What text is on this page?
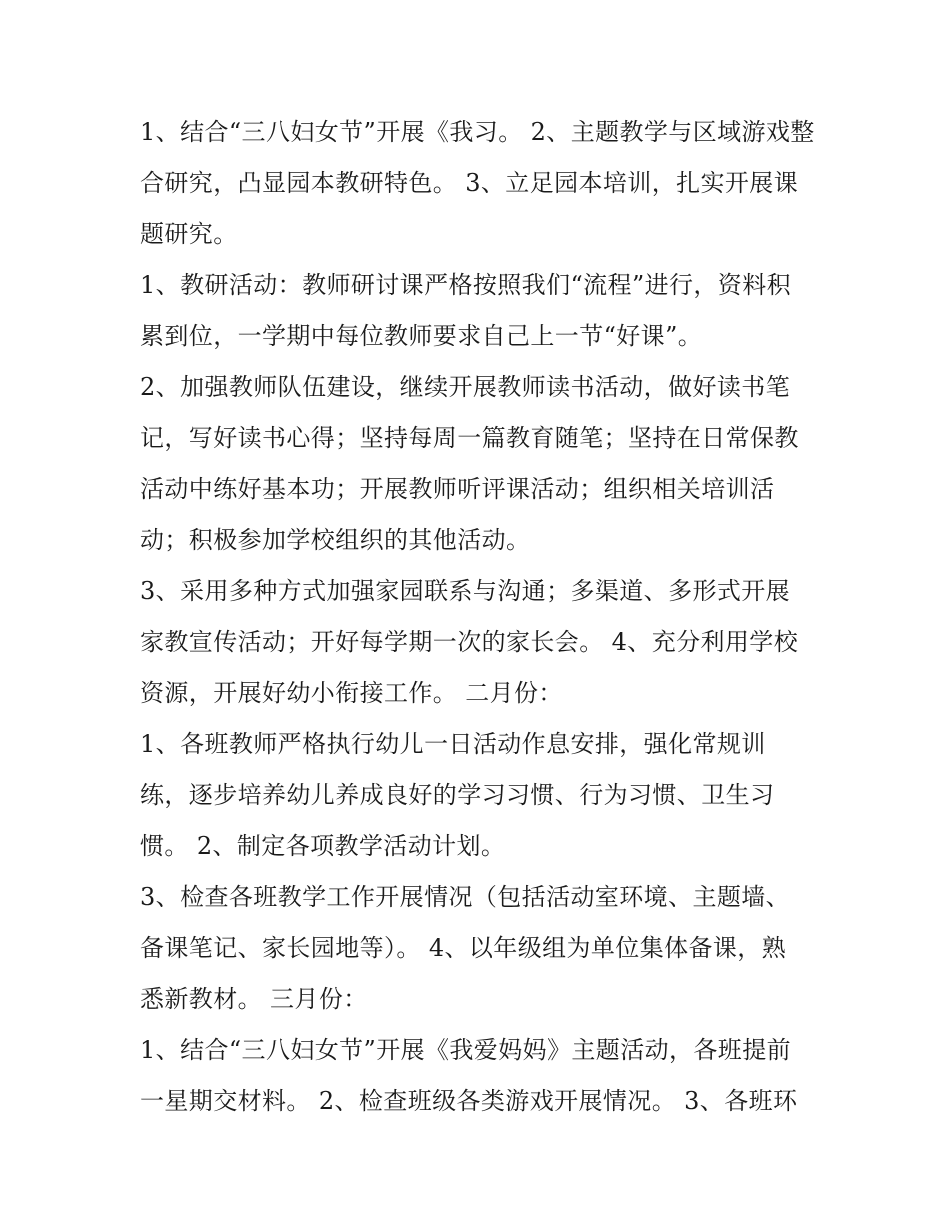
1、结合“三八妇女节”开展《我习。 2、主题教学与区域游戏整
合研究，凸显园本教研特色。 3、立足园本培训，扎实开展课
题研究。
1、教研活动：教师研讨课严格按照我们“流程”进行，资料积
累到位，一学期中每位教师要求自己上一节“好课”。
2、加强教师队伍建设，继续开展教师读书活动，做好读书笔
记，写好读书心得；坚持每周一篇教育随笔；坚持在日常保教
活动中练好基本功；开展教师听评课活动；组织相关培训活
动；积极参加学校组织的其他活动。
3、采用多种方式加强家园联系与沟通；多渠道、多形式开展
家教宣传活动；开好每学期一次的家长会。 4、充分利用学校
资源，开展好幼小衔接工作。 二月份：
1、各班教师严格执行幼儿一日活动作息安排，强化常规训
练，逐步培养幼儿养成良好的学习习惯、行为习惯、卫生习
惯。 2、制定各项教学活动计划。
3、检查各班教学工作开展情况（包括活动室环境、主题墙、
备课笔记、家长园地等）。 4、以年级组为单位集体备课，熟
悉新教材。 三月份：
1、结合“三八妇女节”开展《我爱妈妈》主题活动，各班提前
一星期交材料。 2、检查班级各类游戏开展情况。 3、各班环
